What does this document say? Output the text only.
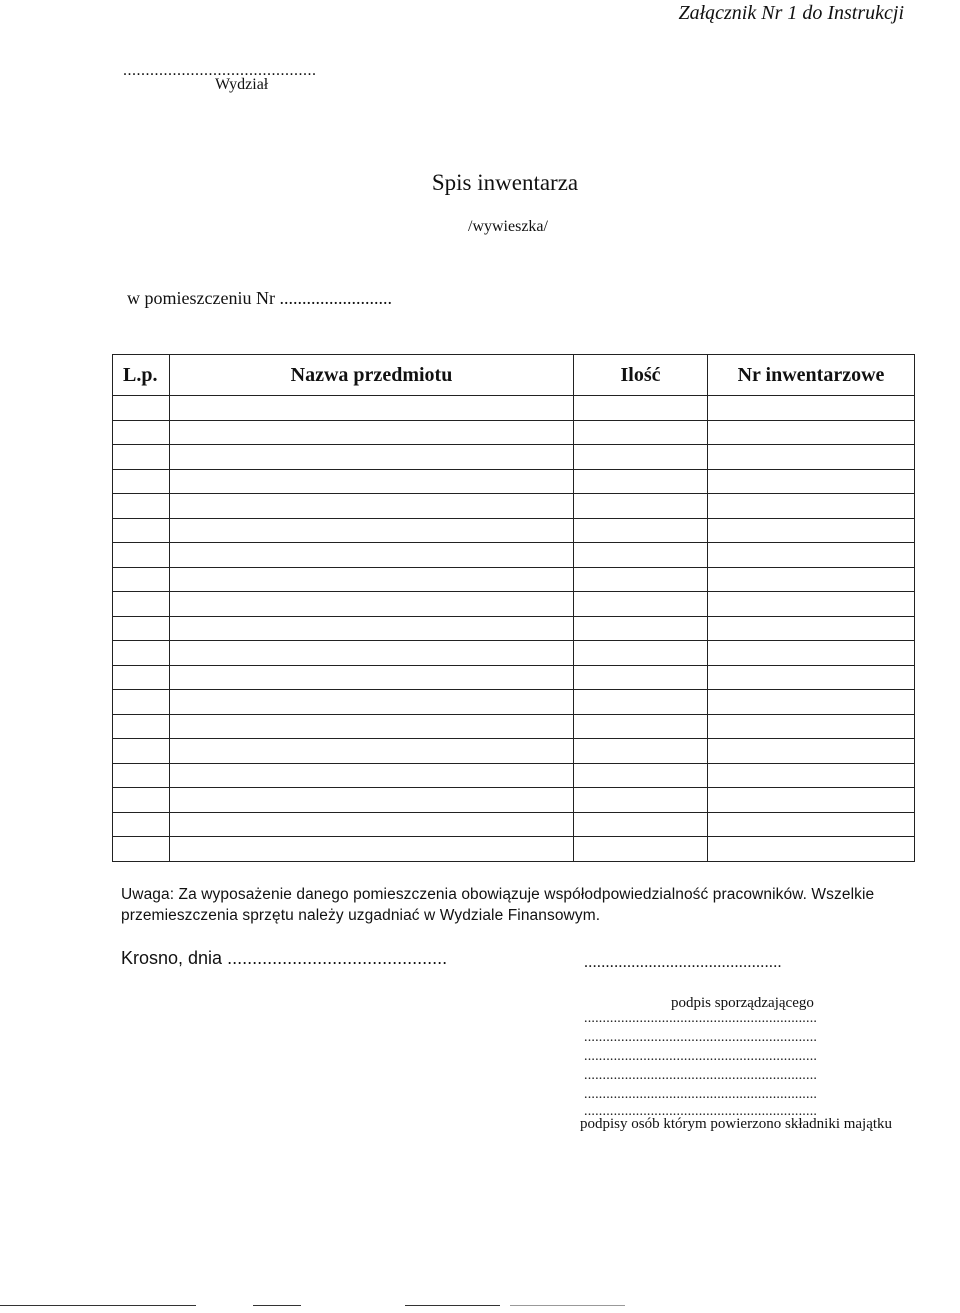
Załącznik Nr 1 do Instrukcji
...........................................
Wydział
Spis inwentarza
/wywieszka/
w pomieszczeniu Nr .........................
L.p.	Nazwa przedmiotu	Ilość	Nr inwentarzowe

Uwaga: Za wyposażenie danego pomieszczenia obowiązuje współodpowiedzialność pracowników. Wszelkie przemieszczenia sprzętu należy uzgadniać w Wydziale Finansowym.
Krosno, dnia ............................................	..............................................
podpis sporządzającego
...............................................................
...............................................................
...............................................................
...............................................................
...............................................................
...............................................................
podpisy osób którym powierzono składniki majątku
